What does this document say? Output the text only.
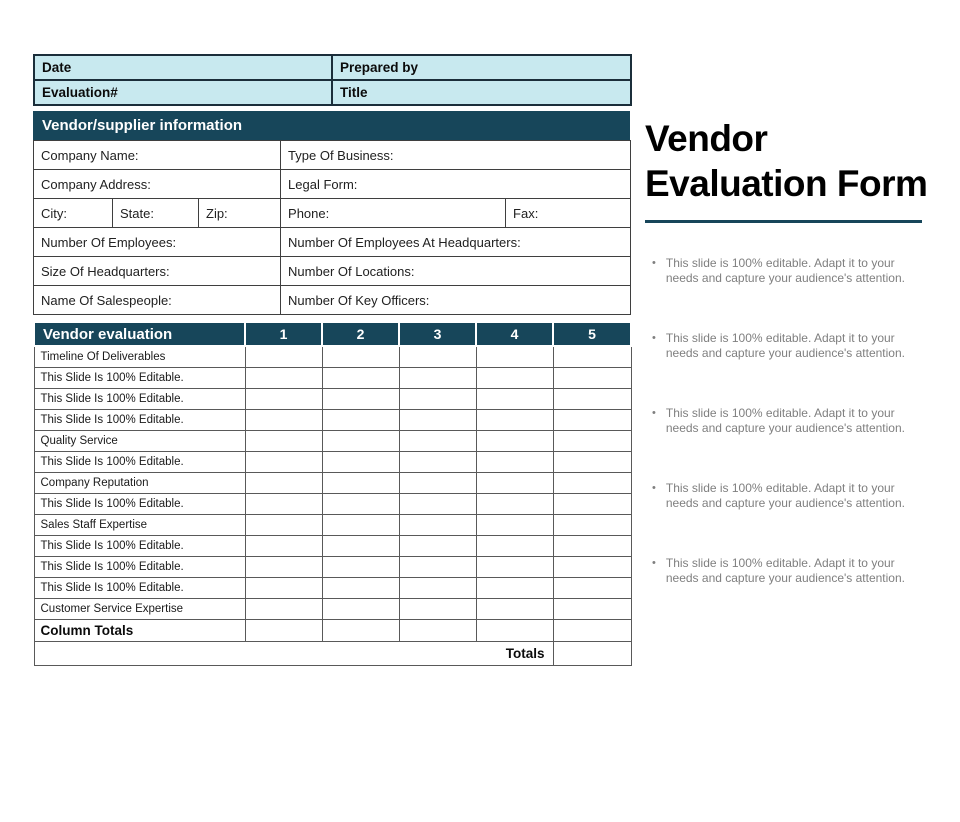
Date	Prepared by
Evaluation#	Title
Vendor/supplier information
Company Name:			Type Of Business:	
Company Address:			Legal Form:	
City:	State:	Zip:	Phone:	Fax:
Number Of Employees:			Number Of Employees At Headquarters:	
Size Of Headquarters:			Number Of Locations:	
Name Of Salespeople:			Number Of Key Officers:	
Vendor evaluation	1	2	3	4	5
Timeline Of Deliverables					
This Slide Is 100% Editable.					
This Slide Is 100% Editable.					
This Slide Is 100% Editable.					
Quality Service					
This Slide Is 100% Editable.					
Company Reputation					
This Slide Is 100% Editable.					
Sales Staff Expertise					
This Slide Is 100% Editable.					
This Slide Is 100% Editable.					
This Slide Is 100% Editable.					
Customer Service Expertise					
Column Totals					
Totals					
Vendor Evaluation Form
• This slide is 100% editable. Adapt it to your needs and capture your audience's attention.
• This slide is 100% editable. Adapt it to your needs and capture your audience's attention.
• This slide is 100% editable. Adapt it to your needs and capture your audience's attention.
• This slide is 100% editable. Adapt it to your needs and capture your audience's attention.
• This slide is 100% editable. Adapt it to your needs and capture your audience's attention.
